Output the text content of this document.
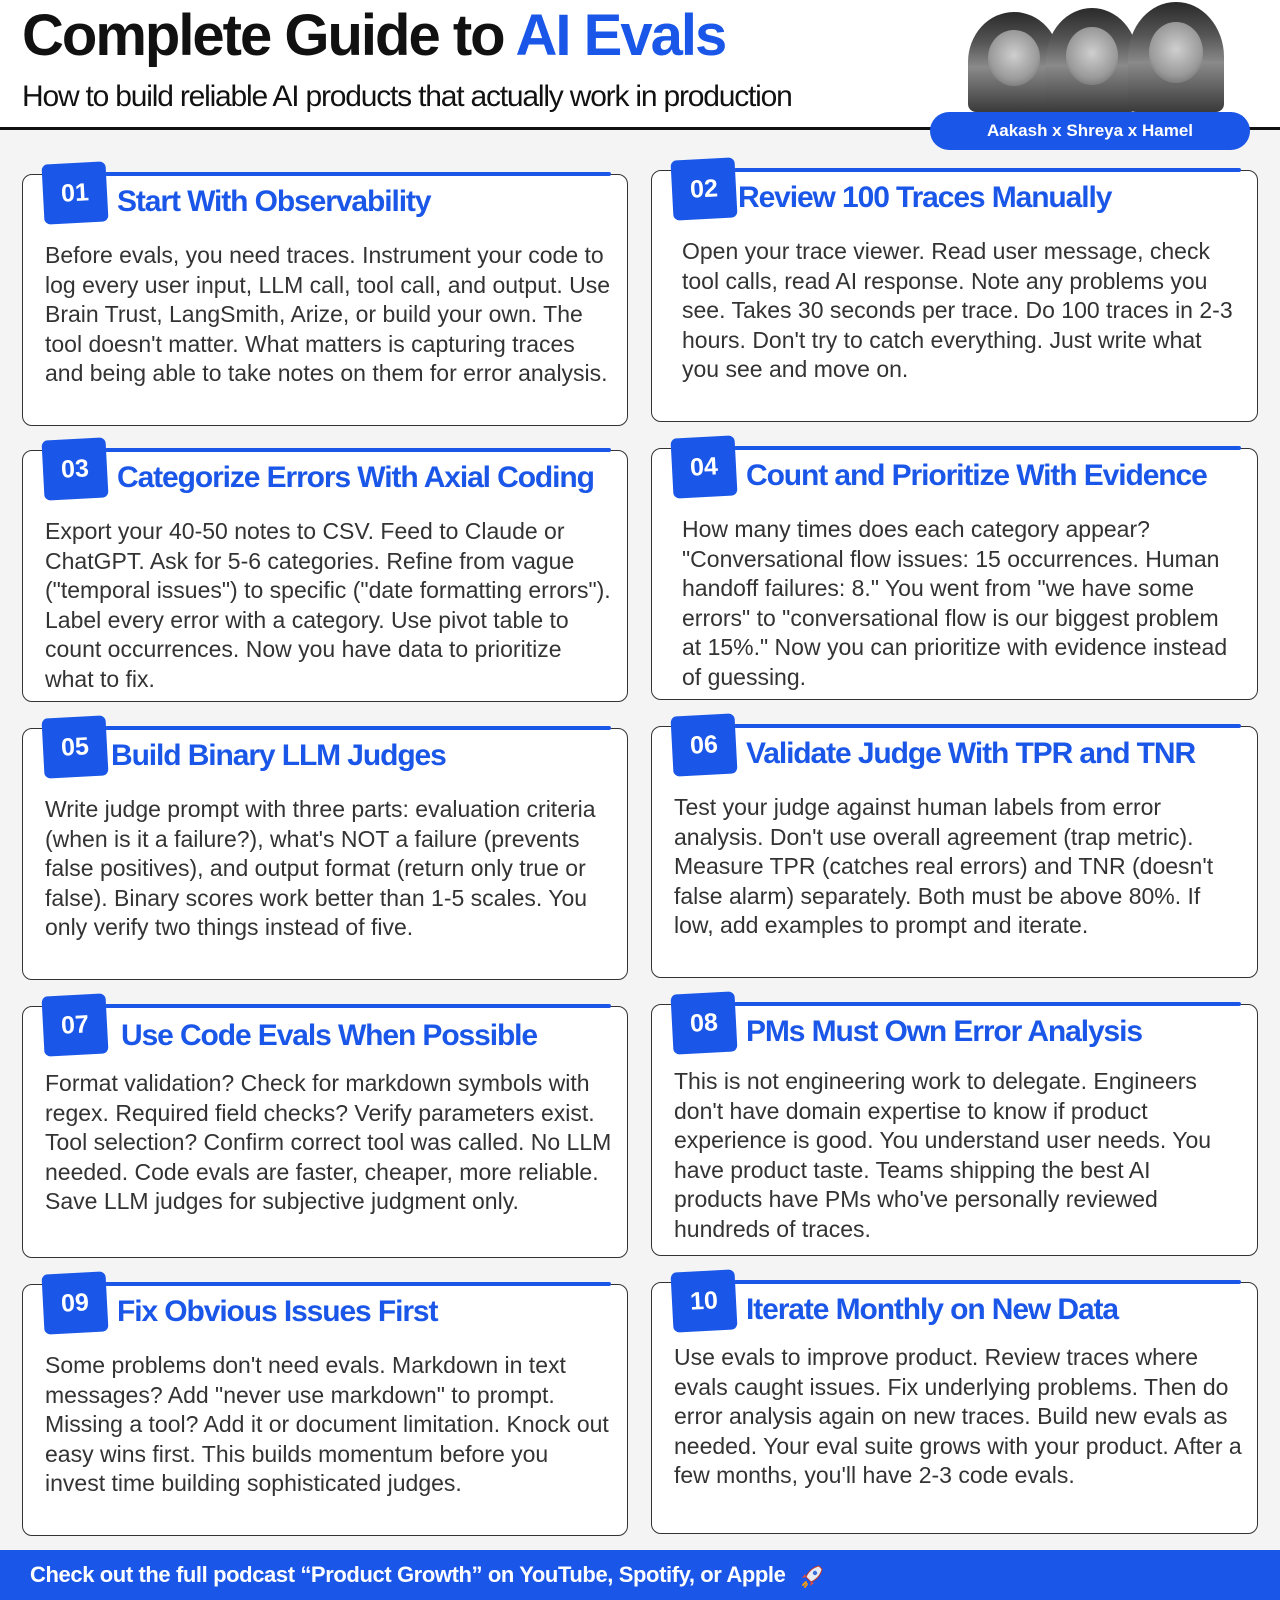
Complete Guide to AI Evals
How to build reliable AI products that actually work in production
Aakash x Shreya x Hamel
01 Start With Observability
Before evals, you need traces. Instrument your code to log every user input, LLM call, tool call, and output. Use Brain Trust, LangSmith, Arize, or build your own. The tool doesn't matter. What matters is capturing traces and being able to take notes on them for error analysis.
02 Review 100 Traces Manually
Open your trace viewer. Read user message, check tool calls, read AI response. Note any problems you see. Takes 30 seconds per trace. Do 100 traces in 2-3 hours. Don't try to catch everything. Just write what you see and move on.
03 Categorize Errors With Axial Coding
Export your 40-50 notes to CSV. Feed to Claude or ChatGPT. Ask for 5-6 categories. Refine from vague ("temporal issues") to specific ("date formatting errors"). Label every error with a category. Use pivot table to count occurrences. Now you have data to prioritize what to fix.
04 Count and Prioritize With Evidence
How many times does each category appear? "Conversational flow issues: 15 occurrences. Human handoff failures: 8." You went from "we have some errors" to "conversational flow is our biggest problem at 15%." Now you can prioritize with evidence instead of guessing.
05 Build Binary LLM Judges
Write judge prompt with three parts: evaluation criteria (when is it a failure?), what's NOT a failure (prevents false positives), and output format (return only true or false). Binary scores work better than 1-5 scales. You only verify two things instead of five.
06 Validate Judge With TPR and TNR
Test your judge against human labels from error analysis. Don't use overall agreement (trap metric). Measure TPR (catches real errors) and TNR (doesn't false alarm) separately. Both must be above 80%. If low, add examples to prompt and iterate.
07	Use Code Evals When Possible
Format validation? Check for markdown symbols with regex. Required field checks? Verify parameters exist. Tool selection? Confirm correct tool was called. No LLM needed. Code evals are faster, cheaper, more reliable. Save LLM judges for subjective judgment only.
08 PMs Must Own Error Analysis
This is not engineering work to delegate. Engineers don't have domain expertise to know if product experience is good. You understand user needs. You have product taste. Teams shipping the best AI products have PMs who've personally reviewed hundreds of traces.
09 Fix Obvious Issues First
Some problems don't need evals. Markdown in text messages? Add "never use markdown" to prompt. Missing a tool? Add it or document limitation. Knock out easy wins first. This builds momentum before you invest time building sophisticated judges.
10 Iterate Monthly on New Data
Use evals to improve product. Review traces where evals caught issues. Fix underlying problems. Then do error analysis again on new traces. Build new evals as needed. Your eval suite grows with your product. After a few months, you'll have 2-3 code evals.
Check out the full podcast “Product Growth” on YouTube, Spotify, or Apple
